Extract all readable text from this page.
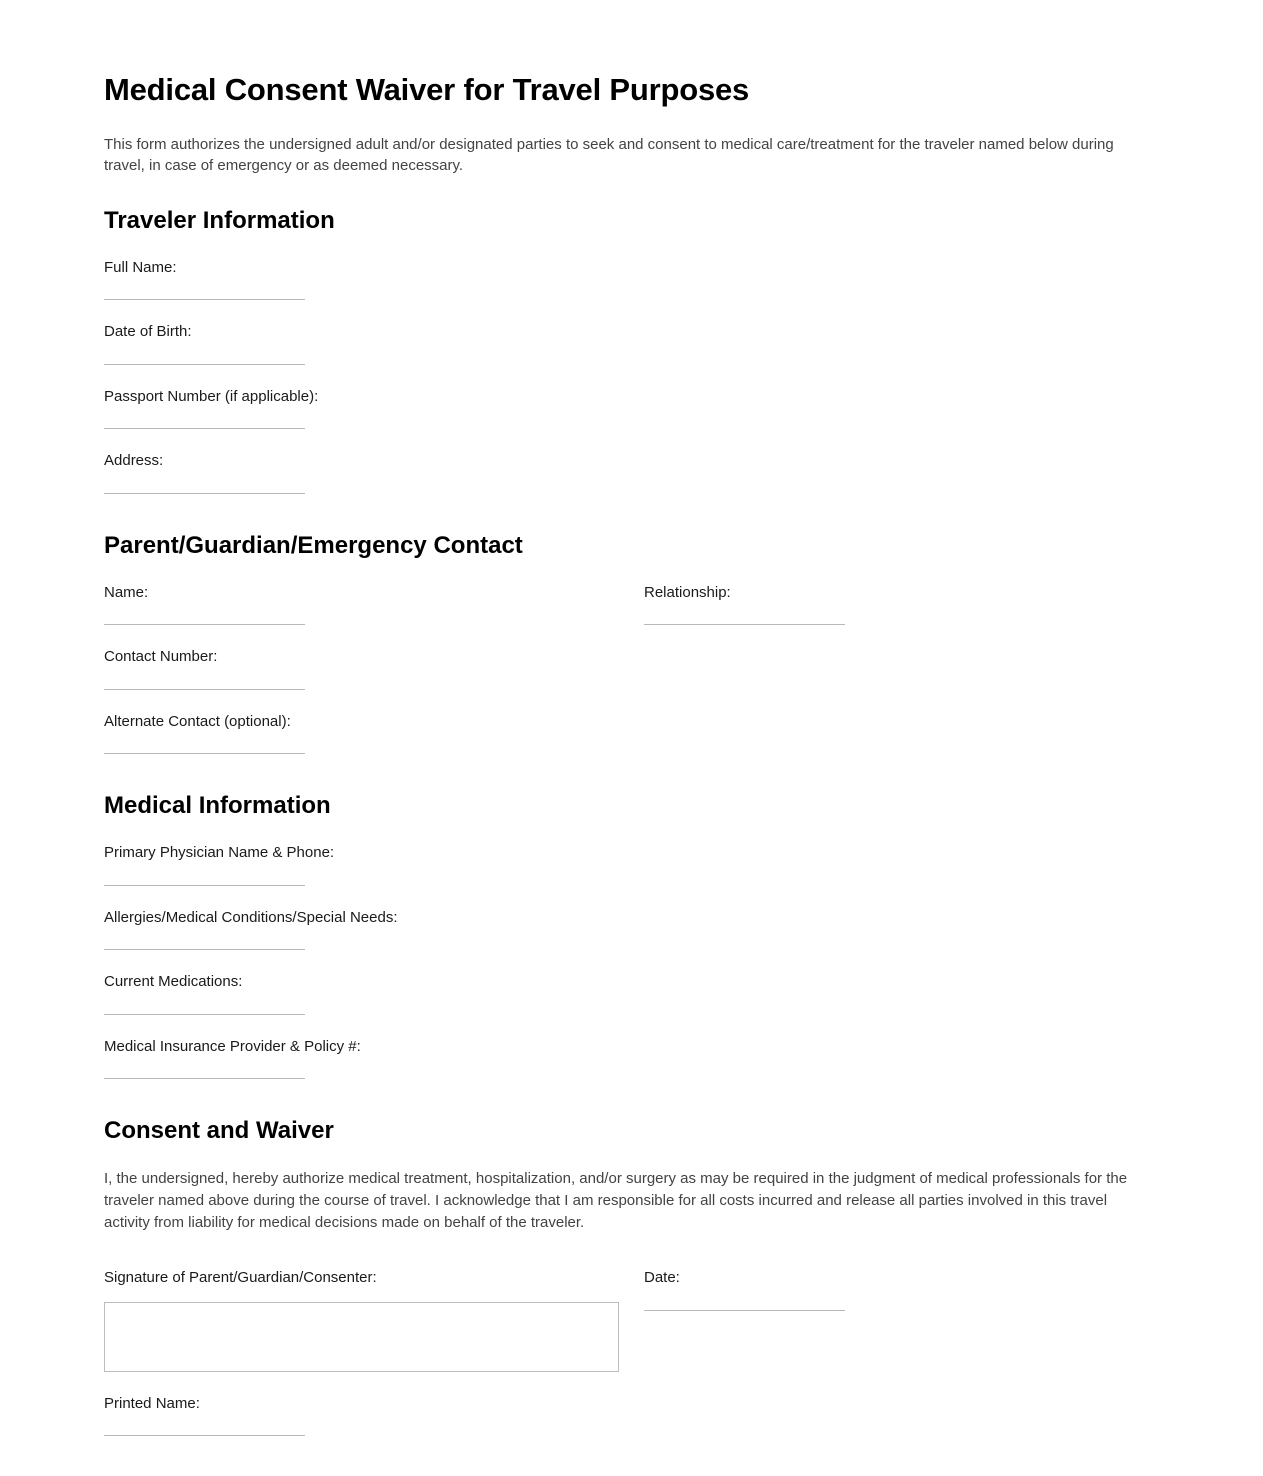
Medical Consent Waiver for Travel Purposes

This form authorizes the undersigned adult and/or designated parties to seek and consent to medical care/treatment for the traveler named below during travel, in case of emergency or as deemed necessary.

Traveler Information
Full Name:
Date of Birth:
Passport Number (if applicable):
Address:
Parent/Guardian/Emergency Contact
Name:
Contact Number:
Alternate Contact (optional):
Relationship:
Medical Information
Primary Physician Name & Phone:
Allergies/Medical Conditions/Special Needs:
Current Medications:
Medical Insurance Provider & Policy #:
Consent and Waiver

I, the undersigned, hereby authorize medical treatment, hospitalization, and/or surgery as may be required in the judgment of medical professionals for the traveler named above during the course of travel. I acknowledge that I am responsible for all costs incurred and release all parties involved in this travel activity from liability for medical decisions made on behalf of the traveler.

Signature of Parent/Guardian/Consenter:
Printed Name:
Date:
